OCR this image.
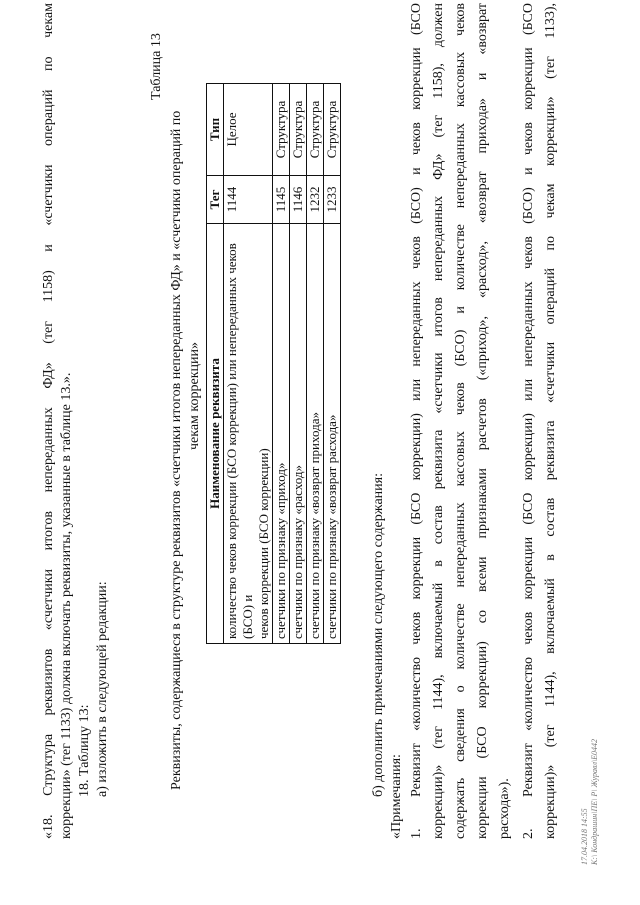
«18. Структура реквизитов «счетчики итогов непереданных ФД» (тег 1158) и «счетчики операций по чекам коррекции» (тег 1133) должна включать реквизиты, указанные в таблице 13.». 18. Таблицу 13: а) изложить в следующей редакции:
Таблица 13
Реквизиты, содержащиеся в структуре реквизитов «счетчики итогов непереданных ФД» и «счетчики операций по чекам коррекции» Наименование реквизита	Тег	Тип

количество чеков коррекции (БСО коррекции) или непереданных чеков (БСО) и чеков коррекции (БСО коррекции)	1144	Целое
счетчики по признаку «приход»	1145	Структура
счетчики по признаку «расход»	1146	Структура
счетчики по признаку «возврат прихода»	1232	Структура
счетчики по признаку «возврат расхода»	1233	Структура
б) дополнить примечаниями следующего содержания: «Примечания: 1.
Реквизит «количество чеков коррекции (БСО коррекции) или непереданных чеков (БСО) и чеков коррекции (БСО коррекции)» (тег 1144), включаемый в состав реквизита «счетчики итогов непереданных ФД» (тег 1158), должен содержать сведения о количестве непереданных кассовых чеков (БСО) и количестве непереданных кассовых чеков коррекции (БСО коррекции) со всеми признаками расчетов («приход», «расход», «возврат прихода» и «возврат расхода»). 2.
Реквизит «количество чеков коррекции (БСО коррекции) или непереданных чеков (БСО) и чеков коррекции (БСО коррекции)» (тег 1144), включаемый в состав реквизита «счетчики операций по чекам коррекции» (тег 1133),	17.04.2018 14:55 К:\ Кондрашин\ПЕ\ Р\ Журавл\Е0442
